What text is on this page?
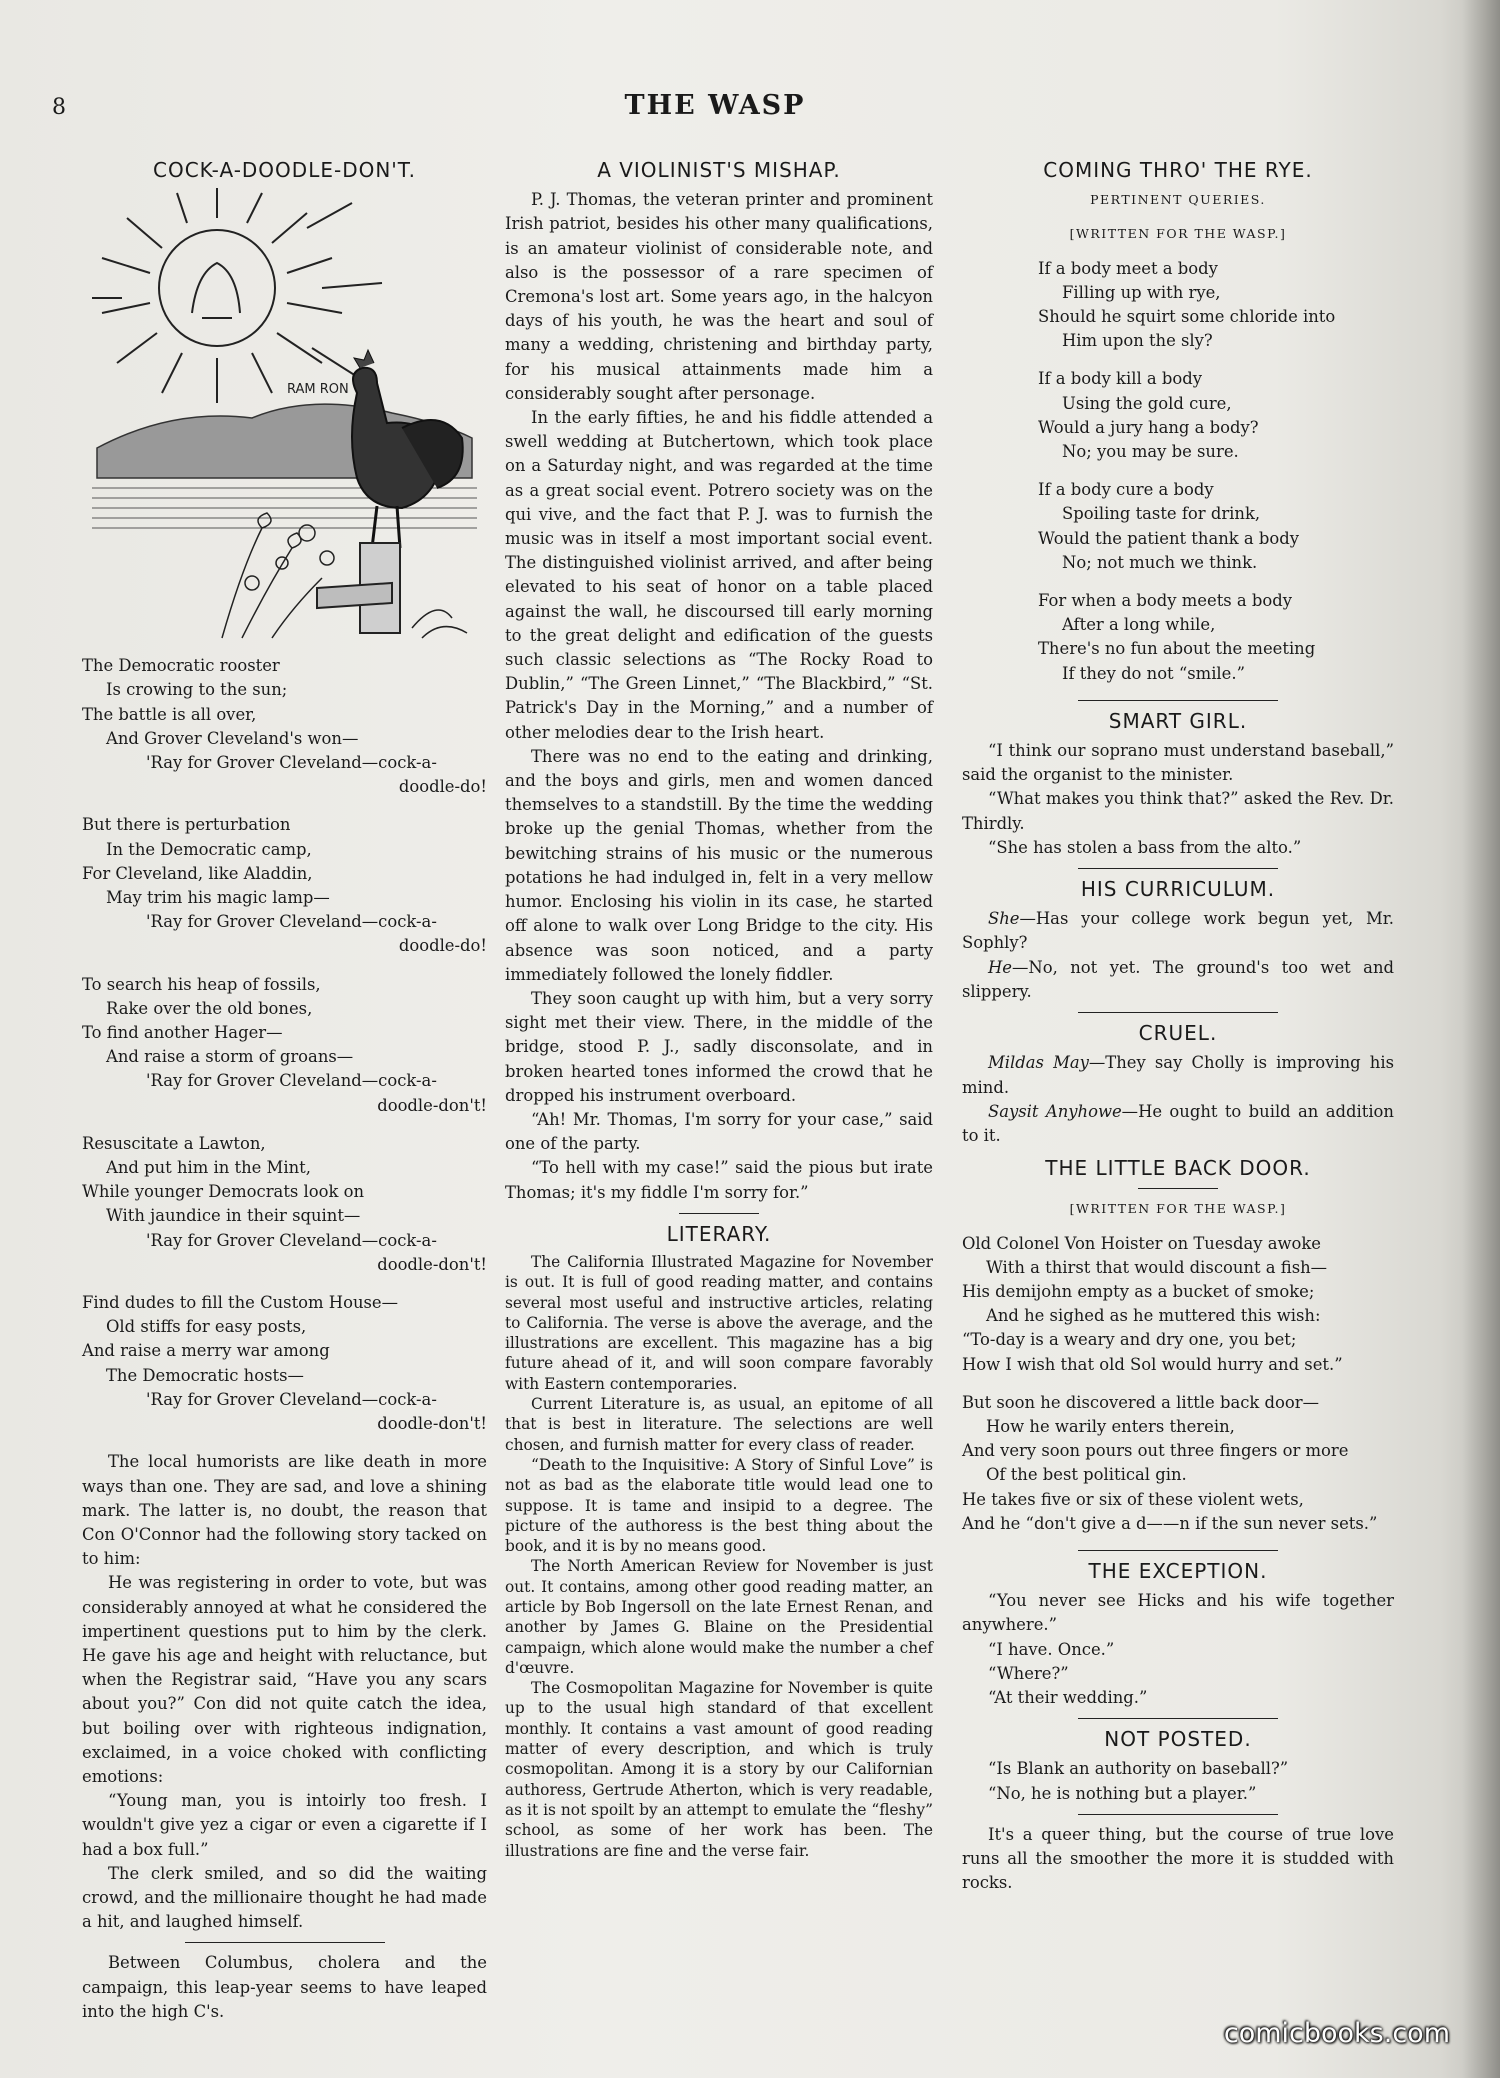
8	THE WASP
COCK-A-DOODLE-DON'T.
RAM RON
The Democratic rooster
Is crowing to the sun;
The battle is all over,
And Grover Cleveland's won—
'Ray for Grover Cleveland—cock-a-
doodle-do!
But there is perturbation
In the Democratic camp,
For Cleveland, like Aladdin,
May trim his magic lamp—
'Ray for Grover Cleveland—cock-a-
doodle-do!
To search his heap of fossils,
Rake over the old bones,
To find another Hager—
And raise a storm of groans—
'Ray for Grover Cleveland—cock-a-
doodle-don't!
Resuscitate a Lawton,
And put him in the Mint,
While younger Democrats look on
With jaundice in their squint—
'Ray for Grover Cleveland—cock-a-
doodle-don't!
Find dudes to fill the Custom House—
Old stiffs for easy posts,
And raise a merry war among
The Democratic hosts—
'Ray for Grover Cleveland—cock-a-
doodle-don't!

The local humorists are like death in more ways than one. They are sad, and love a shining mark. The latter is, no doubt, the reason that Con O'Connor had the following story tacked on to him:

He was registering in order to vote, but was considerably annoyed at what he considered the impertinent questions put to him by the clerk. He gave his age and height with reluctance, but when the Registrar said, “Have you any scars about you?” Con did not quite catch the idea, but boiling over with righteous indignation, exclaimed, in a voice choked with conflicting emotions:

“Young man, you is intoirly too fresh. I wouldn't give yez a cigar or even a cigarette if I had a box full.”

The clerk smiled, and so did the waiting crowd, and the millionaire thought he had made a hit, and laughed himself.

Between Columbus, cholera and the campaign, this leap-year seems to have leaped into the high C's.

A VIOLINIST'S MISHAP.

P. J. Thomas, the veteran printer and prominent Irish patriot, besides his other many qualifications, is an amateur violinist of considerable note, and also is the possessor of a rare specimen of Cremona's lost art. Some years ago, in the halcyon days of his youth, he was the heart and soul of many a wedding, christening and birthday party, for his musical attainments made him a considerably sought after personage.

In the early fifties, he and his fiddle attended a swell wedding at Butchertown, which took place on a Saturday night, and was regarded at the time as a great social event. Potrero society was on the qui vive, and the fact that P. J. was to furnish the music was in itself a most important social event. The distinguished violinist arrived, and after being elevated to his seat of honor on a table placed against the wall, he discoursed till early morning to the great delight and edification of the guests such classic selections as “The Rocky Road to Dublin,” “The Green Linnet,” “The Blackbird,” “St. Patrick's Day in the Morning,” and a number of other melodies dear to the Irish heart.

There was no end to the eating and drinking, and the boys and girls, men and women danced themselves to a standstill. By the time the wedding broke up the genial Thomas, whether from the bewitching strains of his music or the numerous potations he had indulged in, felt in a very mellow humor. Enclosing his violin in its case, he started off alone to walk over Long Bridge to the city. His absence was soon noticed, and a party immediately followed the lonely fiddler.

They soon caught up with him, but a very sorry sight met their view. There, in the middle of the bridge, stood P. J., sadly disconsolate, and in broken hearted tones informed the crowd that he dropped his instrument overboard.

“Ah! Mr. Thomas, I'm sorry for your case,” said one of the party.

“To hell with my case!” said the pious but irate Thomas; it's my fiddle I'm sorry for.”

LITERARY.

The California Illustrated Magazine for November is out. It is full of good reading matter, and contains several most useful and instructive articles, relating to California. The verse is above the average, and the illustrations are excellent. This magazine has a big future ahead of it, and will soon compare favorably with Eastern contemporaries.

Current Literature is, as usual, an epitome of all that is best in literature. The selections are well chosen, and furnish matter for every class of reader.

“Death to the Inquisitive: A Story of Sinful Love” is not as bad as the elaborate title would lead one to suppose. It is tame and insipid to a degree. The picture of the authoress is the best thing about the book, and it is by no means good.

The North American Review for November is just out. It contains, among other good reading matter, an article by Bob Ingersoll on the late Ernest Renan, and another by James G. Blaine on the Presidential campaign, which alone would make the number a chef d'œuvre.

The Cosmopolitan Magazine for November is quite up to the usual high standard of that excellent monthly. It contains a vast amount of good reading matter of every description, and which is truly cosmopolitan. Among it is a story by our Californian authoress, Gertrude Atherton, which is very readable, as it is not spoilt by an attempt to emulate the “fleshy” school, as some of her work has been. The illustrations are fine and the verse fair.

COMING THRO' THE RYE.
PERTINENT QUERIES.
[WRITTEN FOR THE WASP.]
If a body meet a body
Filling up with rye,
Should he squirt some chloride into
Him upon the sly?
If a body kill a body
Using the gold cure,
Would a jury hang a body?
No; you may be sure.
If a body cure a body
Spoiling taste for drink,
Would the patient thank a body
No; not much we think.
For when a body meets a body
After a long while,
There's no fun about the meeting
If they do not “smile.”
SMART GIRL.

“I think our soprano must understand baseball,” said the organist to the minister.

“What makes you think that?” asked the Rev. Dr. Thirdly.

“She has stolen a bass from the alto.”

HIS CURRICULUM.

She—Has your college work begun yet, Mr. Sophly?

He—No, not yet. The ground's too wet and slippery.

CRUEL.

Mildas May—They say Cholly is improving his mind.

Saysit Anyhowe—He ought to build an addition to it.

THE LITTLE BACK DOOR.
[WRITTEN FOR THE WASP.]
Old Colonel Von Hoister on Tuesday awoke
With a thirst that would discount a fish—
His demijohn empty as a bucket of smoke;
And he sighed as he muttered this wish:
“To-day is a weary and dry one, you bet;
How I wish that old Sol would hurry and set.”
But soon he discovered a little back door—
How he warily enters therein,
And very soon pours out three fingers or more
Of the best political gin.
He takes five or six of these violent wets,
And he “don't give a d——n if the sun never sets.”
THE EXCEPTION.

“You never see Hicks and his wife together anywhere.”

“I have. Once.”

“Where?”

“At their wedding.”

NOT POSTED.

“Is Blank an authority on baseball?”

“No, he is nothing but a player.”

It's a queer thing, but the course of true love runs all the smoother the more it is studded with rocks.

comicbooks.com
